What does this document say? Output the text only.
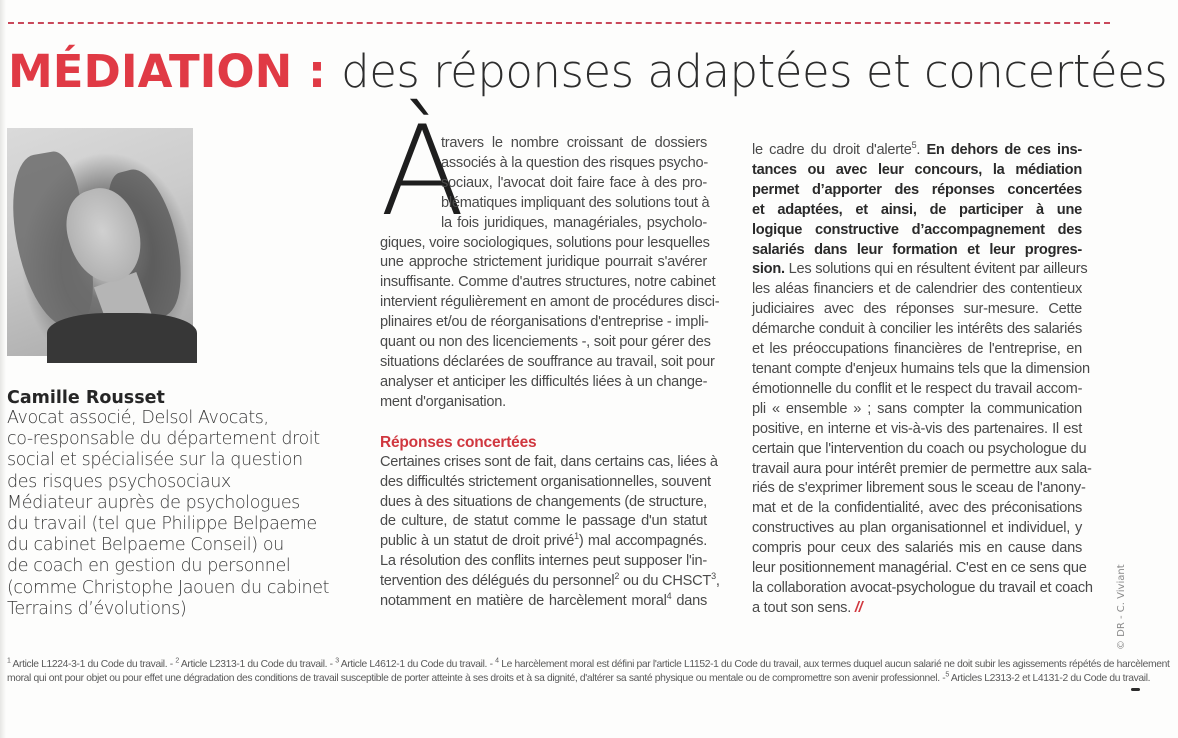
MÉDIATION : des réponses adaptées et concertées
Camille Rousset
Avocat associé, Delsol Avocats,
co-responsable du département droit
social et spécialisée sur la question
des risques psychosociaux
Médiateur auprès de psychologues
du travail (tel que Philippe Belpaeme
du cabinet Belpaeme Conseil) ou
de coach en gestion du personnel
(comme Christophe Jaouen du cabinet
Terrains d’évolutions)
À
travers le nombre croissant de dossiers
associés à la question des risques psycho-
sociaux, l'avocat doit faire face à des pro-
blématiques impliquant des solutions tout à
la fois juridiques, managériales, psycholo-
giques, voire sociologiques, solutions pour lesquelles
une approche strictement juridique pourrait s'avérer
insuffisante. Comme d'autres structures, notre cabinet
intervient régulièrement en amont de procédures disci-
plinaires et/ou de réorganisations d'entreprise - impli-
quant ou non des licenciements -, soit pour gérer des
situations déclarées de souffrance au travail, soit pour
analyser et anticiper les difficultés liées à un change-
ment d'organisation.
Réponses concertées
Certaines crises sont de fait, dans certains cas, liées à
des difficultés strictement organisationnelles, souvent
dues à des situations de changements (de structure,
de culture, de statut comme le passage d'un statut
public à un statut de droit privé$^1$) mal accompagnés.
La résolution des conflits internes peut supposer l'in-
tervention des délégués du personnel$^2$ ou du CHSCT$^3$,
notamment en matière de harcèlement moral$^4$ dans
le cadre du droit d'alerte$^5$. En dehors de ces ins-
tances ou avec leur concours, la médiation
permet d’apporter des réponses concertées
et adaptées, et ainsi, de participer à une
logique constructive d’accompagnement des
salariés dans leur formation et leur progres-
sion. Les solutions qui en résultent évitent par ailleurs
les aléas financiers et de calendrier des contentieux
judiciaires avec des réponses sur-mesure. Cette
démarche conduit à concilier les intérêts des salariés
et les préoccupations financières de l'entreprise, en
tenant compte d'enjeux humains tels que la dimension
émotionnelle du conflit et le respect du travail accom-
pli « ensemble » ; sans compter la communication
positive, en interne et vis-à-vis des partenaires. Il est
certain que l'intervention du coach ou psychologue du
travail aura pour intérêt premier de permettre aux sala-
riés de s'exprimer librement sous le sceau de l'anony-
mat et de la confidentialité, avec des préconisations
constructives au plan organisationnel et individuel, y
compris pour ceux des salariés mis en cause dans
leur positionnement managérial. C'est en ce sens que
la collaboration avocat-psychologue du travail et coach
a tout son sens. //
$^1$ Article L1224-3-1 du Code du travail. - $^2$ Article L2313-1 du Code du travail. - $^3$ Article L4612-1 du Code du travail. - $^4$ Le harcèlement moral est défini par l'article L1152-1 du Code du travail, aux termes duquel aucun salarié ne doit subir les agissements répétés de harcèlement
moral qui ont pour objet ou pour effet une dégradation des conditions de travail susceptible de porter atteinte à ses droits et à sa dignité, d'altérer sa santé physique ou mentale ou de compromettre son avenir professionnel. -$^5$ Articles L2313-2 et L4131-2 du Code du travail.
© DR - C. Viviant
